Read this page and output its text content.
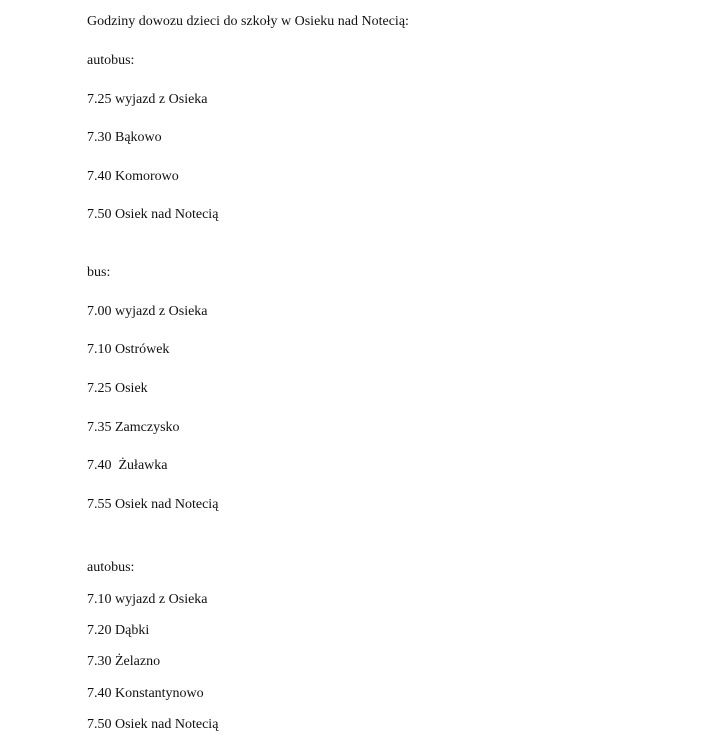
Godziny dowozu dzieci do szkoły w Osieku nad Notecią:
autobus:
7.25 wyjazd z Osieka
7.30 Bąkowo
7.40 Komorowo
7.50 Osiek nad Notecią
bus:
7.00 wyjazd z Osieka
7.10 Ostrówek
7.25 Osiek
7.35 Zamczysko
7.40  Żuławka
7.55 Osiek nad Notecią
autobus:
7.10 wyjazd z Osieka
7.20 Dąbki
7.30 Żelazno
7.40 Konstantynowo
7.50 Osiek nad Notecią
